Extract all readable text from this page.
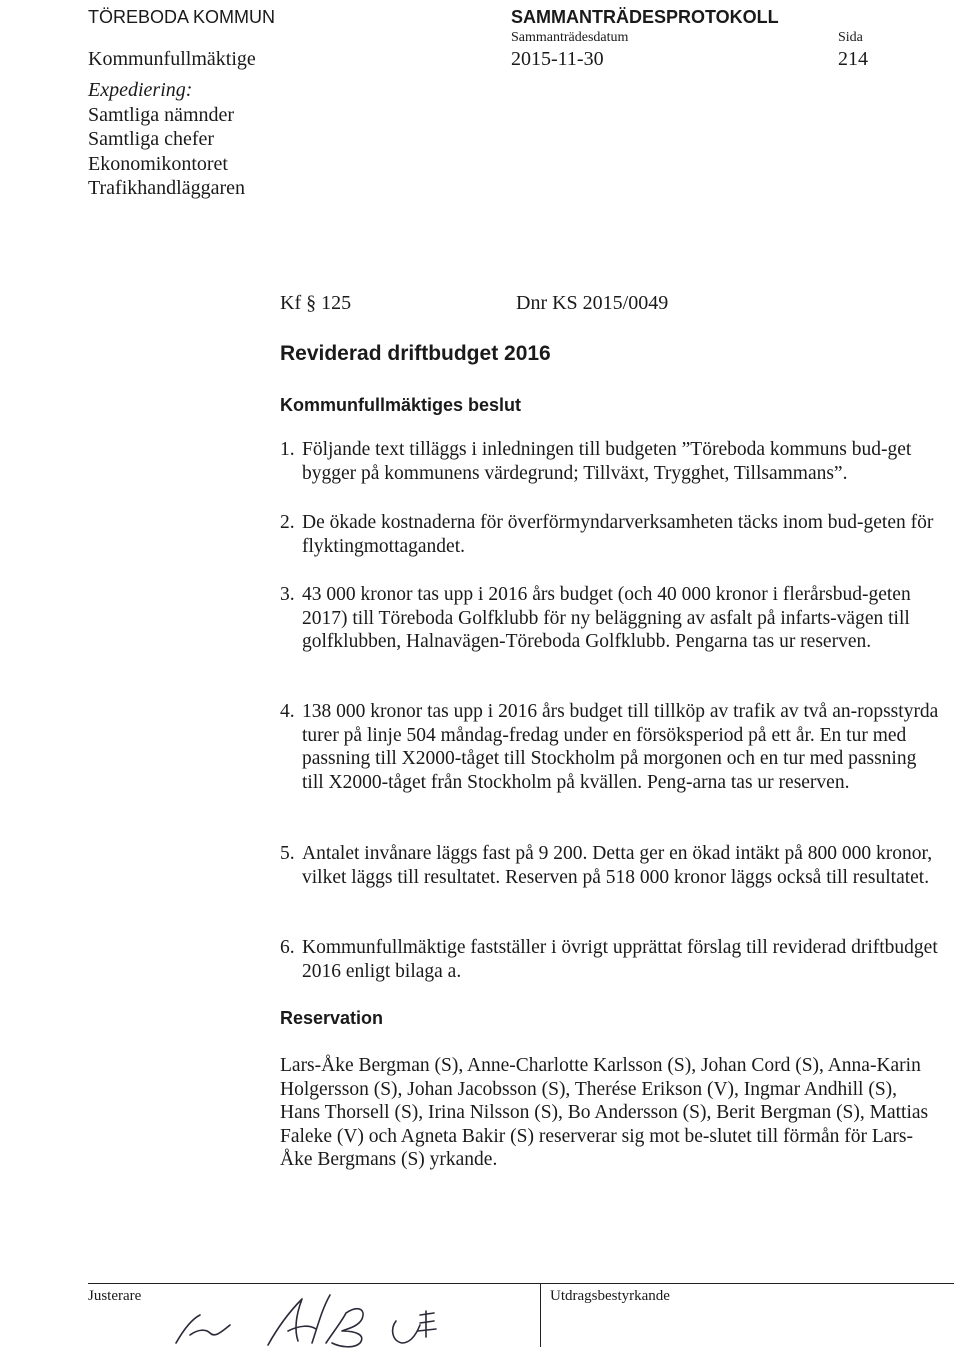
TÖREBODA KOMMUN	SAMMANTRÄDESPROTOKOLL
Sammanträdesdatum	Sida
Kommunfullmäktige	2015-11-30	214
Expediering:
Samtliga nämnder
Samtliga chefer
Ekonomikontoret
Trafikhandläggaren
Kf § 125	Dnr KS 2015/0049
Reviderad driftbudget 2016
Kommunfullmäktiges beslut
1. Följande text tilläggs i inledningen till budgeten ”Töreboda kommuns bud-get bygger på kommunens värdegrund; Tillväxt, Trygghet, Tillsammans”.
2. De ökade kostnaderna för överförmyndarverksamheten täcks inom bud-geten för flyktingmottagandet.
3. 43 000 kronor tas upp i 2016 års budget (och 40 000 kronor i flerårsbud-geten 2017) till Töreboda Golfklubb för ny beläggning av asfalt på infarts-vägen till golfklubben, Halnavägen-Töreboda Golfklubb. Pengarna tas ur reserven.
4. 138 000 kronor tas upp i 2016 års budget till tillköp av trafik av två an-ropsstyrda turer på linje 504 måndag-fredag under en försöksperiod på ett år. En tur med passning till X2000-tåget till Stockholm på morgonen och en tur med passning till X2000-tåget från Stockholm på kvällen. Peng-arna tas ur reserven.
5. Antalet invånare läggs fast på 9 200. Detta ger en ökad intäkt på 800 000 kronor, vilket läggs till resultatet. Reserven på 518 000 kronor läggs också till resultatet.
6. Kommunfullmäktige fastställer i övrigt upprättat förslag till reviderad driftbudget 2016 enligt bilaga a.
Reservation
Lars-Åke Bergman (S), Anne-Charlotte Karlsson (S), Johan Cord (S), Anna-Karin Holgersson (S), Johan Jacobsson (S), Therése Erikson (V), Ingmar Andhill (S), Hans Thorsell (S), Irina Nilsson (S), Bo Andersson (S), Berit Bergman (S), Mattias Faleke (V) och Agneta Bakir (S) reserverar sig mot be-slutet till förmån för Lars-Åke Bergmans (S) yrkande.
Justerare	Utdragsbestyrkande
